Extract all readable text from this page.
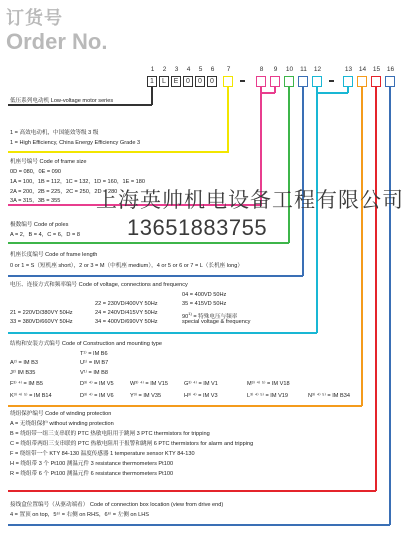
订货号
Order No.
1	2	3	4	5	6	7	8	9	10	11	12	13 14 15 16
1	L	E	0	0	0
低压系列电动机 Low-voltage motor series
1 = 高效电动机，中国能效等级 3 级
1 = High Efficiency, China Energy Efficiency Grade 3
机座号编号 Code of frame size
0D = 080，0E = 090
1A = 100，1B = 112，1C = 132，1D = 160，1E = 180
2A = 200，2B = 225，2C = 250，2D = 280
3A = 315，3B = 355 上海英帅机电设备工程有限公司
13651883755
极数编号 Code of poles
A = 2，B = 4，C = 6，D = 8
机座长度编号 Code of frame length
0 or 1 = S（短机座 short），2 or 3 = M（中机座 medium），4 or 5 or 6 or 7 = L（长机座 long）
电压、连接方式和频率编号 Code of voltage, connections and frequency
04 = 400VD 50Hz
22 = 230VD/400VY 50Hz	35 = 415VD 50Hz
21 = 220VD/380VY 50Hz	24 = 240VD/415VY 50Hz
$90^{1)}$ = 特殊电压与频率
33 = 380VD/660VY 50Hz	34 = 400VD/690VY 50Hz	special voltage & frequency
结构和安装方式编号 Code of Construction and mounting type
T¹⁾ = IM B6
A²⁾ = IM B3	U¹⁾ = IM B7
J²⁾ IM B35	V¹⁾ = IM B8
F³⁾ ⁴⁾ = IM B5	D³⁾ ⁴⁾ = IM V5	W³⁾ ⁴⁾ = IM V15	G³⁾ ⁴⁾ = IM V1	M³⁾ ⁴⁾ ⁵⁾ = IM V18
K³⁾ ⁴⁾ ⁵⁾ = IM B14	D³⁾ ⁴⁾ = IM V6	Y³⁾ = IM V35	H³⁾ ⁴⁾ = IM V3	L³⁾ ⁴⁾ ⁵⁾ = IM V19	N³⁾ ⁴⁾ ⁵⁾ = IM B34
绕组保护编号 Code of winding protection
A = 无绕组保护 without winding protection
B = 绕组带一组三支串联的 PTC 热敏电阻用于跳闸 3 PTC thermistors for tripping
C = 绕组带两组三支串联的 PTC 热敏电阻用于报警和跳闸 6 PTC thermistors for alarm and tripping
F = 绕组带一个 KTY 84-130 温度传感器 1 temperature sensor KTY 84-130
H = 绕组带 3 个 Pt100 测温元件 3 resistance thermometers Pt100
R = 绕组带 6 个 Pt100 测温元件 6 resistance thermometers Pt100
接线盒位置编号（从驱动端看） Code of connection box location (view from drive end)
4 = 置顶 on top，5⁶⁾ = 右侧 on RHS，6⁶⁾ = 左侧 on LHS
